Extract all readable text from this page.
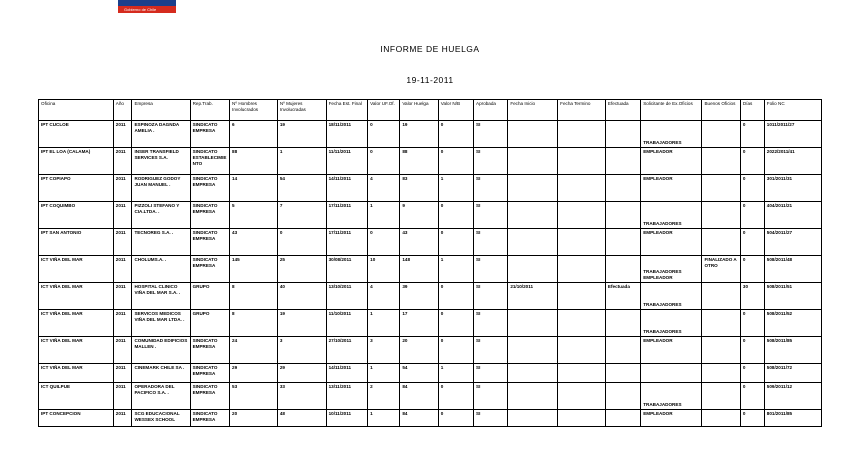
Gobierno de Chile
INFORME DE HUELGA
19-11-2011
Oficina	Año	Empresa	Rep.Trab.	Nº Hombres Involucrados	Nº Mujeres Involucradas	Fecha Est. Final	Valor UF.Of.	Valor Huelga	Valor N/B	Aprobada	Fecha Inicio	Fecha Termino	Efectuada	Solicitante de Ex.Oficios	Buenos Oficios	Días	Folio NC
IPT CUCLOE	2011	ESPINOZA DAGNDA AMELIA .	SINDICATO EMPRESA	6	19	18/11/2011	0	19	0	SI				TRABAJADORES		0	1011/2011/27
IPT EL LOA (CALAMA)	2011	INSER TRANSFIELD SERVICES S.A.	SINDICATO ESTABLECIMIENTO	88	1	11/11/2011	0	88	0	SI				EMPLEADOR		0	2022/2011/41
IPT COPIAPO	2011	RODRIGUEZ GODOY JUAN MANUEL .	SINDICATO EMPRESA	14	54	14/11/2011	4	83	1	SI				EMPLEADOR		0	301/2011/31
IPT COQUIMBO	2011	PIZZOLI STEFANO Y CIA.LTDA. .	SINDICATO EMPRESA	5	7	17/11/2011	1	9	0	SI				TRABAJADORES		0	404/2011/21
IPT SAN ANTONIO	2011	TECNOREG S.A. .	SINDICATO EMPRESA	43	0	17/11/2011	0	43	0	SI				EMPLEADOR		0	504/2011/27
ICT VIÑA DEL MAR	2011	CHOLUMS.A. .	SINDICATO EMPRESA	145	25	30/08/2011	10	148	1	SI				TRABAJADORES EMPLEADOR	FINALIZADO A OTRO	0	508/2011/48
ICT VIÑA DEL MAR	2011	HOSPITAL CLINICO VIÑA DEL MAR S.A. .	GRUPO	8	40	13/10/2011	4	39	0	SI	21/10/2011		Efectuada	TRABAJADORES		30	508/2011/51
ICT VIÑA DEL MAR	2011	SERVICOS MEDICOS VIÑA DEL MAR LTDA. .	GRUPO	8	19	11/10/2011	1	17	0	SI				TRABAJADORES		0	508/2011/52
ICT VIÑA DEL MAR	2011	COMUNIDAD EDIFICIOS MALLEN .	SINDICATO EMPRESA	24	3	27/10/2011	3	20	0	SI				EMPLEADOR		0	508/2011/85
ICT VIÑA DEL MAR	2011	CINEMARK CHILE SA .	SINDICATO EMPRESA	29	29	14/11/2011	1	54	1	SI						0	508/2011/72
ICT QUILPUE	2011	OPERADORA DEL PACIFICO S.A. .	SINDICATO EMPRESA	53	33	13/11/2011	2	84	0	SI				TRABAJADORES		0	509/2011/12
IPT CONCEPCION	2011	SCG EDUCACIONAL WESSEX SCHOOL	SINDICATO EMPRESA	20	48	10/11/2011	1	84	0	SI				EMPLEADOR		0	801/2011/85
